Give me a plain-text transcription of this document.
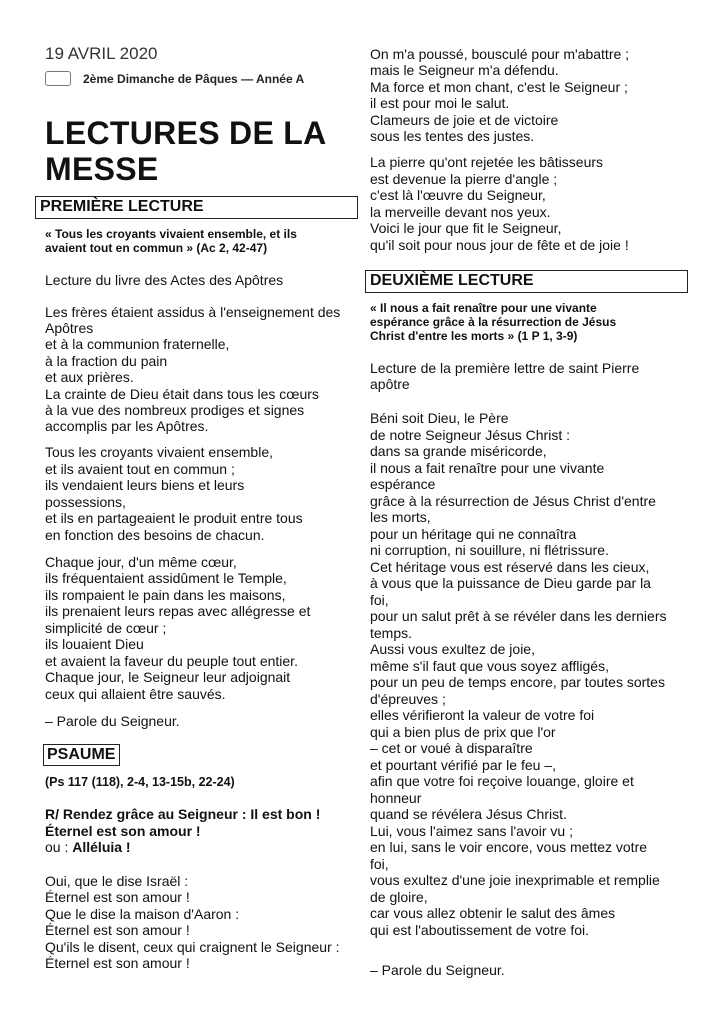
19 AVRIL 2020
2ème Dimanche de Pâques — Année A
LECTURES DE LA
MESSE
PREMIÈRE LECTURE
« Tous les croyants vivaient ensemble, et ils
avaient tout en commun » (Ac 2, 42-47)
Lecture du livre des Actes des Apôtres
Les frères étaient assidus à l'enseignement des
Apôtres
et à la communion fraternelle,
à la fraction du pain
et aux prières.
La crainte de Dieu était dans tous les cœurs
à la vue des nombreux prodiges et signes
accomplis par les Apôtres.
Tous les croyants vivaient ensemble,
et ils avaient tout en commun ;
ils vendaient leurs biens et leurs
possessions,
et ils en partageaient le produit entre tous
en fonction des besoins de chacun.
Chaque jour, d'un même cœur,
ils fréquentaient assidûment le Temple,
ils rompaient le pain dans les maisons,
ils prenaient leurs repas avec allégresse et
simplicité de cœur ;
ils louaient Dieu
et avaient la faveur du peuple tout entier.
Chaque jour, le Seigneur leur adjoignait
ceux qui allaient être sauvés.
– Parole du Seigneur.
PSAUME
(Ps 117 (118), 2-4, 13-15b, 22-24)
R/ Rendez grâce au Seigneur : Il est bon !
Éternel est son amour !
ou : Alléluia !
Oui, que le dise Israël :
Éternel est son amour !
Que le dise la maison d'Aaron :
Éternel est son amour !
Qu'ils le disent, ceux qui craignent le Seigneur :
Éternel est son amour !
On m'a poussé, bousculé pour m'abattre ;
mais le Seigneur m'a défendu.
Ma force et mon chant, c'est le Seigneur ;
il est pour moi le salut.
Clameurs de joie et de victoire
sous les tentes des justes.
La pierre qu'ont rejetée les bâtisseurs
est devenue la pierre d'angle ;
c'est là l'œuvre du Seigneur,
la merveille devant nos yeux.
Voici le jour que fit le Seigneur,
qu'il soit pour nous jour de fête et de joie !
DEUXIÈME LECTURE
« Il nous a fait renaître pour une vivante
espérance grâce à la résurrection de Jésus
Christ d'entre les morts » (1 P 1, 3-9)
Lecture de la première lettre de saint Pierre
apôtre
Béni soit Dieu, le Père
de notre Seigneur Jésus Christ :
dans sa grande miséricorde,
il nous a fait renaître pour une vivante
espérance
grâce à la résurrection de Jésus Christ d'entre
les morts,
pour un héritage qui ne connaîtra
ni corruption, ni souillure, ni flétrissure.
Cet héritage vous est réservé dans les cieux,
à vous que la puissance de Dieu garde par la
foi,
pour un salut prêt à se révéler dans les derniers
temps.
Aussi vous exultez de joie,
même s'il faut que vous soyez affligés,
pour un peu de temps encore, par toutes sortes
d'épreuves ;
elles vérifieront la valeur de votre foi
qui a bien plus de prix que l'or
– cet or voué à disparaître
et pourtant vérifié par le feu –,
afin que votre foi reçoive louange, gloire et
honneur
quand se révélera Jésus Christ.
Lui, vous l'aimez sans l'avoir vu ;
en lui, sans le voir encore, vous mettez votre
foi,
vous exultez d'une joie inexprimable et remplie
de gloire,
car vous allez obtenir le salut des âmes
qui est l'aboutissement de votre foi.
– Parole du Seigneur.
